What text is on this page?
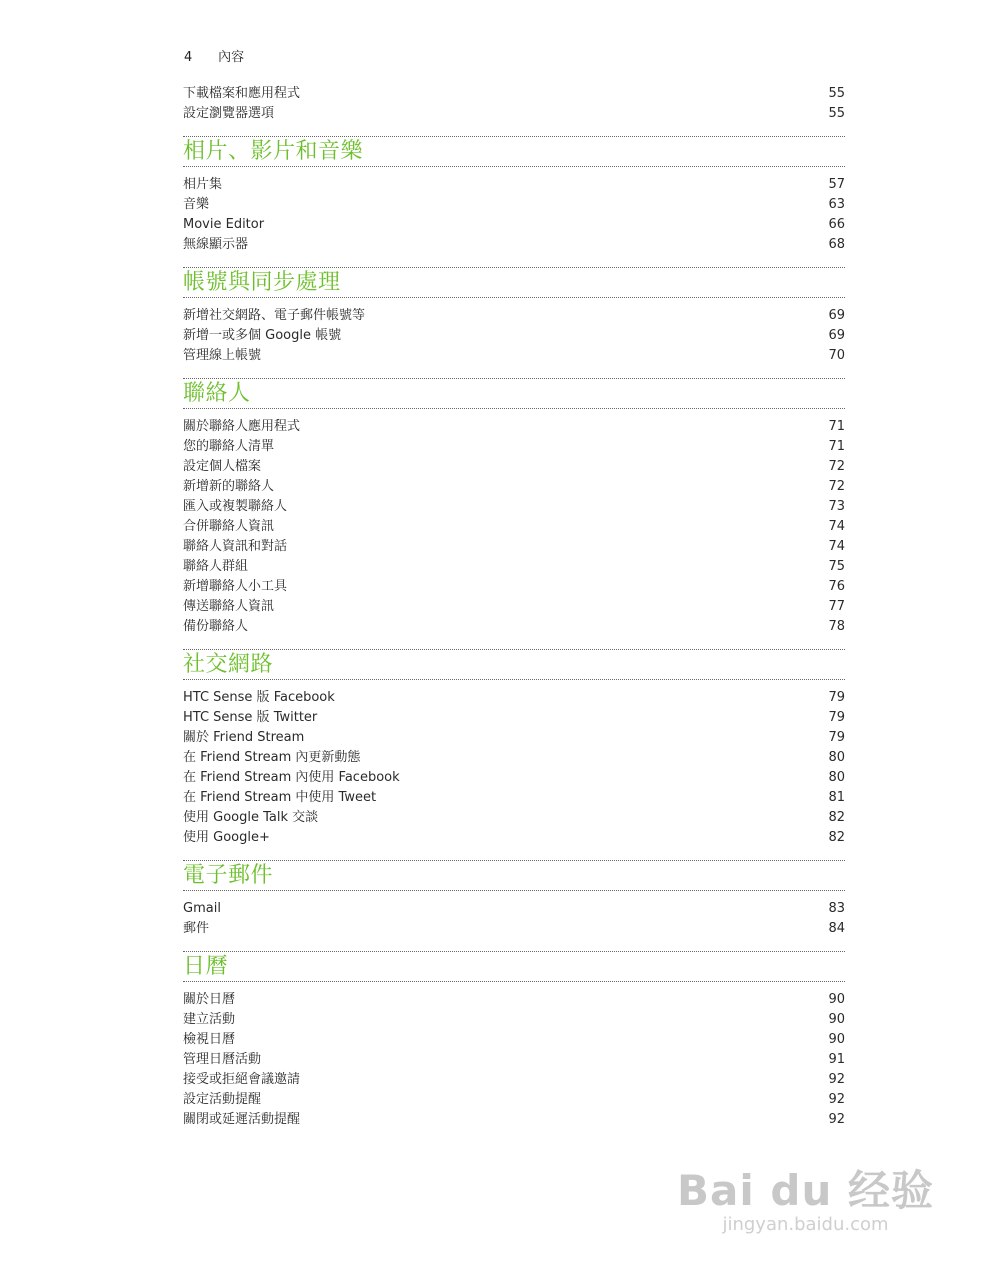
4 內容
下載檔案和應用程式	55
設定瀏覽器選項	55
相片、影片和音樂
相片集	57
音樂	63
Movie Editor	66
無線顯示器	68
帳號與同步處理
新增社交網路、電子郵件帳號等	69
新增一或多個 Google 帳號	69
管理線上帳號	70
聯絡人
關於聯絡人應用程式	71
您的聯絡人清單	71
設定個人檔案	72
新增新的聯絡人	72
匯入或複製聯絡人	73
合併聯絡人資訊	74
聯絡人資訊和對話	74
聯絡人群組	75
新增聯絡人小工具	76
傳送聯絡人資訊	77
備份聯絡人	78
社交網路
HTC Sense 版 Facebook	79
HTC Sense 版 Twitter	79
關於 Friend Stream	79
在 Friend Stream 內更新動態	80
在 Friend Stream 內使用 Facebook	80
在 Friend Stream 中使用 Tweet	81
使用 Google Talk 交談	82
使用 Google+	82
電子郵件
Gmail	83
郵件	84
日曆
關於日曆	90
建立活動	90
檢視日曆	90
管理日曆活動	91
接受或拒絕會議邀請	92
設定活動提醒	92
關閉或延遲活動提醒	92
Bai du 经验
jingyan.baidu.com
